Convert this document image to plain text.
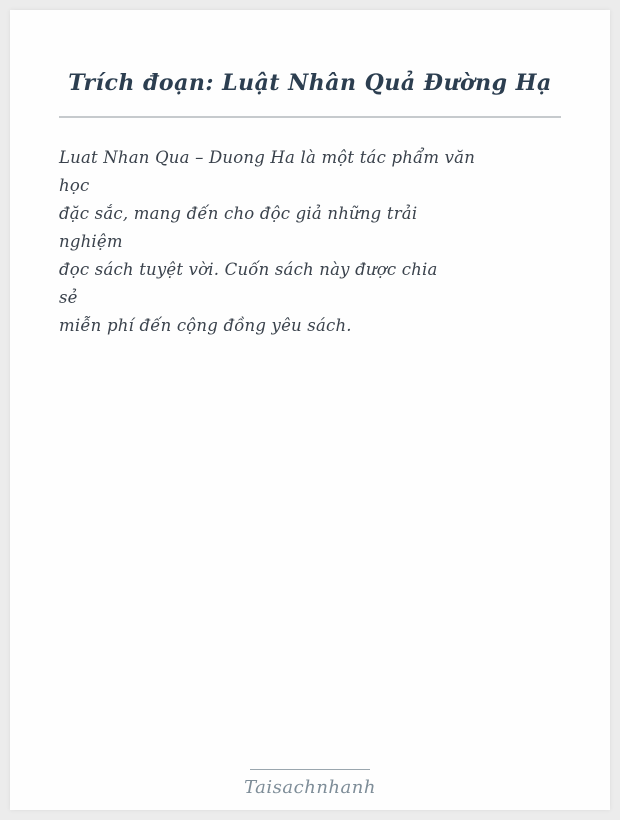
Trích đoạn: Luật Nhân Quả Đường Hạ
Luat Nhan Qua – Duong Ha là một tác phẩm văn
học
đặc sắc, mang đến cho độc giả những trải
nghiệm
đọc sách tuyệt vời. Cuốn sách này được chia
sẻ
miễn phí đến cộng đồng yêu sách.
Taisachnhanh
